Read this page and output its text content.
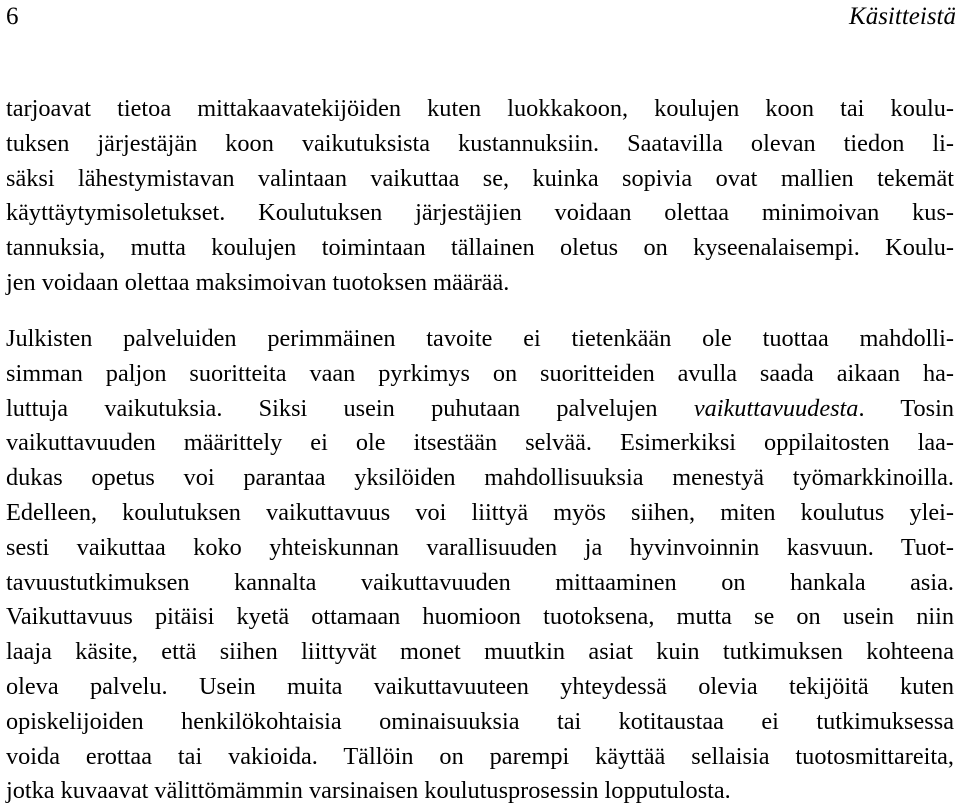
6	Käsitteistä
tarjoavat tietoa mittakaavatekijöiden kuten luokkakoon, koulujen koon tai koulu-
tuksen järjestäjän koon vaikutuksista kustannuksiin. Saatavilla olevan tiedon li-
säksi lähestymistavan valintaan vaikuttaa se, kuinka sopivia ovat mallien tekemät
käyttäytymisoletukset. Koulutuksen järjestäjien voidaan olettaa minimoivan kus-
tannuksia, mutta koulujen toimintaan tällainen oletus on kyseenalaisempi. Koulu-
jen voidaan olettaa maksimoivan tuotoksen määrää.
Julkisten palveluiden perimmäinen tavoite ei tietenkään ole tuottaa mahdolli-
simman paljon suoritteita vaan pyrkimys on suoritteiden avulla saada aikaan ha-
luttuja vaikutuksia. Siksi usein puhutaan palvelujen vaikuttavuudesta. Tosin
vaikuttavuuden määrittely ei ole itsestään selvää. Esimerkiksi oppilaitosten laa-
dukas opetus voi parantaa yksilöiden mahdollisuuksia menestyä työmarkkinoilla.
Edelleen, koulutuksen vaikuttavuus voi liittyä myös siihen, miten koulutus ylei-
sesti vaikuttaa koko yhteiskunnan varallisuuden ja hyvinvoinnin kasvuun. Tuot-
tavuustutkimuksen kannalta vaikuttavuuden mittaaminen on hankala asia.
Vaikuttavuus pitäisi kyetä ottamaan huomioon tuotoksena, mutta se on usein niin
laaja käsite, että siihen liittyvät monet muutkin asiat kuin tutkimuksen kohteena
oleva palvelu. Usein muita vaikuttavuuteen yhteydessä olevia tekijöitä kuten
opiskelijoiden henkilökohtaisia ominaisuuksia tai kotitaustaa ei tutkimuksessa
voida erottaa tai vakioida. Tällöin on parempi käyttää sellaisia tuotosmittareita,
jotka kuvaavat välittömämmin varsinaisen koulutusprosessin lopputulosta.
